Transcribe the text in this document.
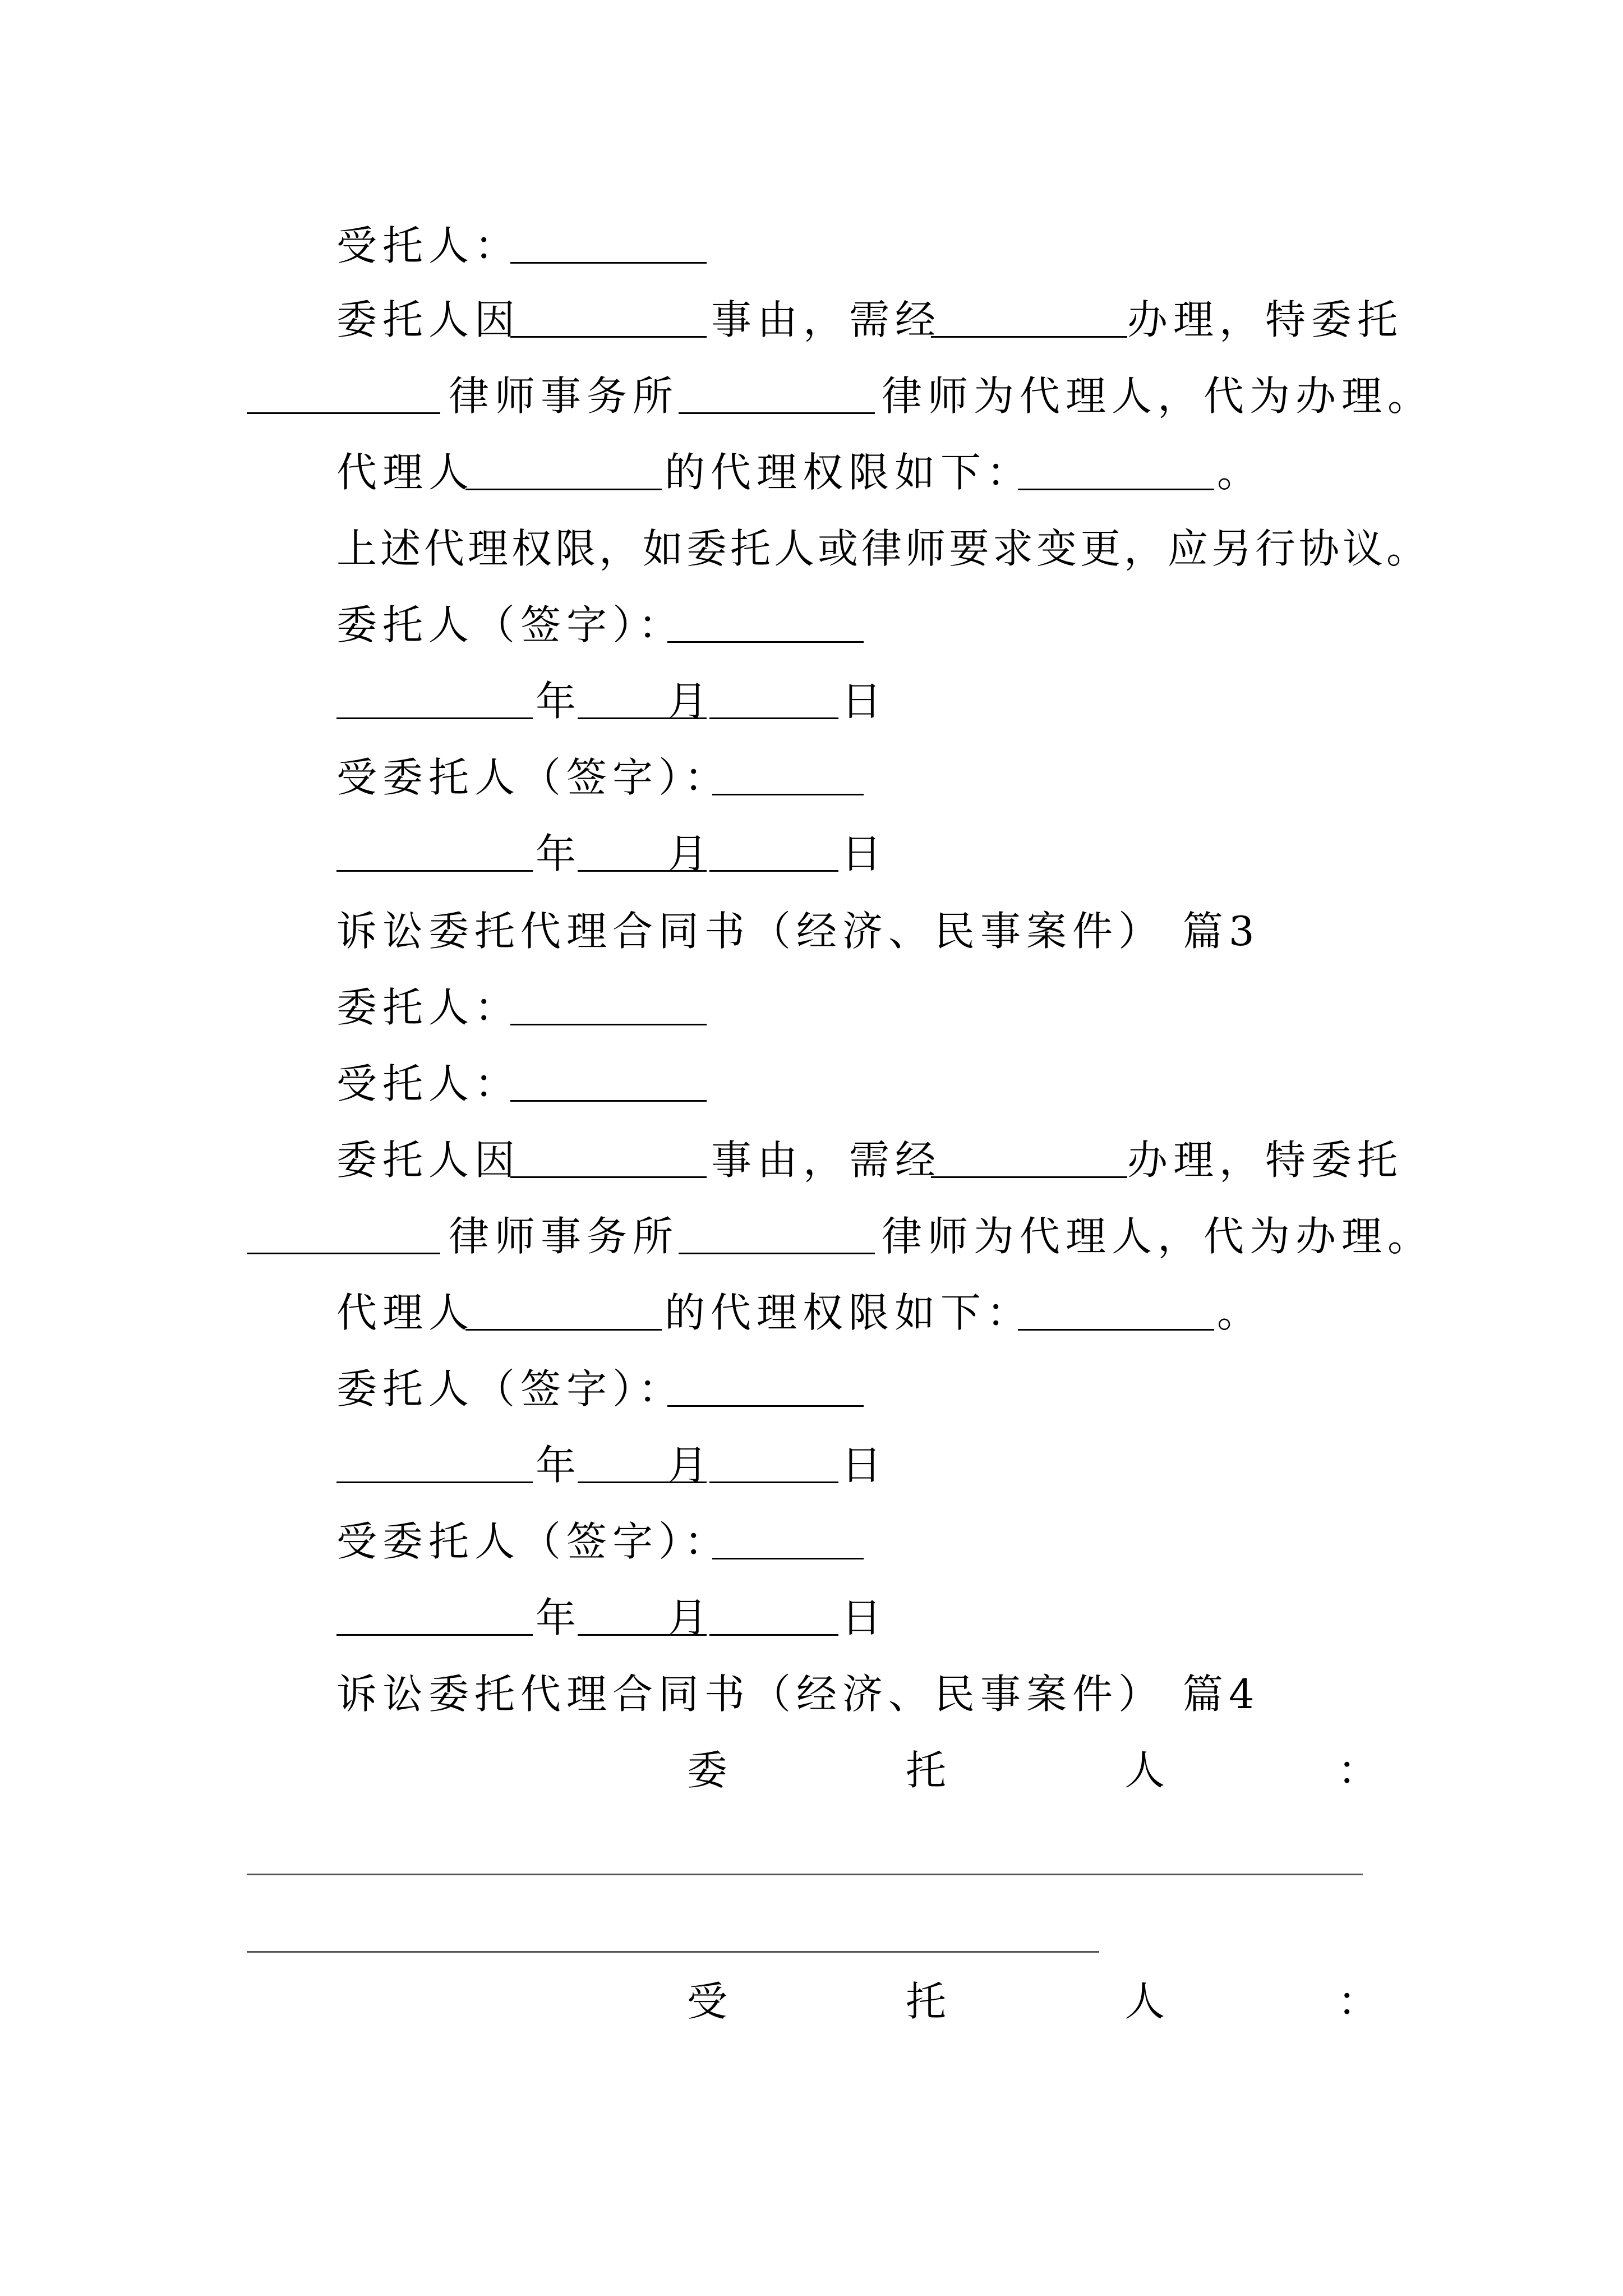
受托人：
委托人因	事由，需经	办理，特委托
律师事务所	律师为代理人，代为办理。
代理人	的代理权限如下：	。
上述代理权限，如委托人或律师要求变更，应另行协议。
委托人（签字）：
年 月	日
受委托人（签字）：
年 月	日
诉讼委托代理合同书（经济、民事案件） 篇3
委托人：
受托人：
委托人因	事由，需经	办理，特委托
律师事务所	律师为代理人，代为办理。
代理人	的代理权限如下：	。
委托人（签字）：
年 月	日
受委托人（签字）：
年 月	日
诉讼委托代理合同书（经济、民事案件） 篇4
委	托	人	：
受	托	人	：
